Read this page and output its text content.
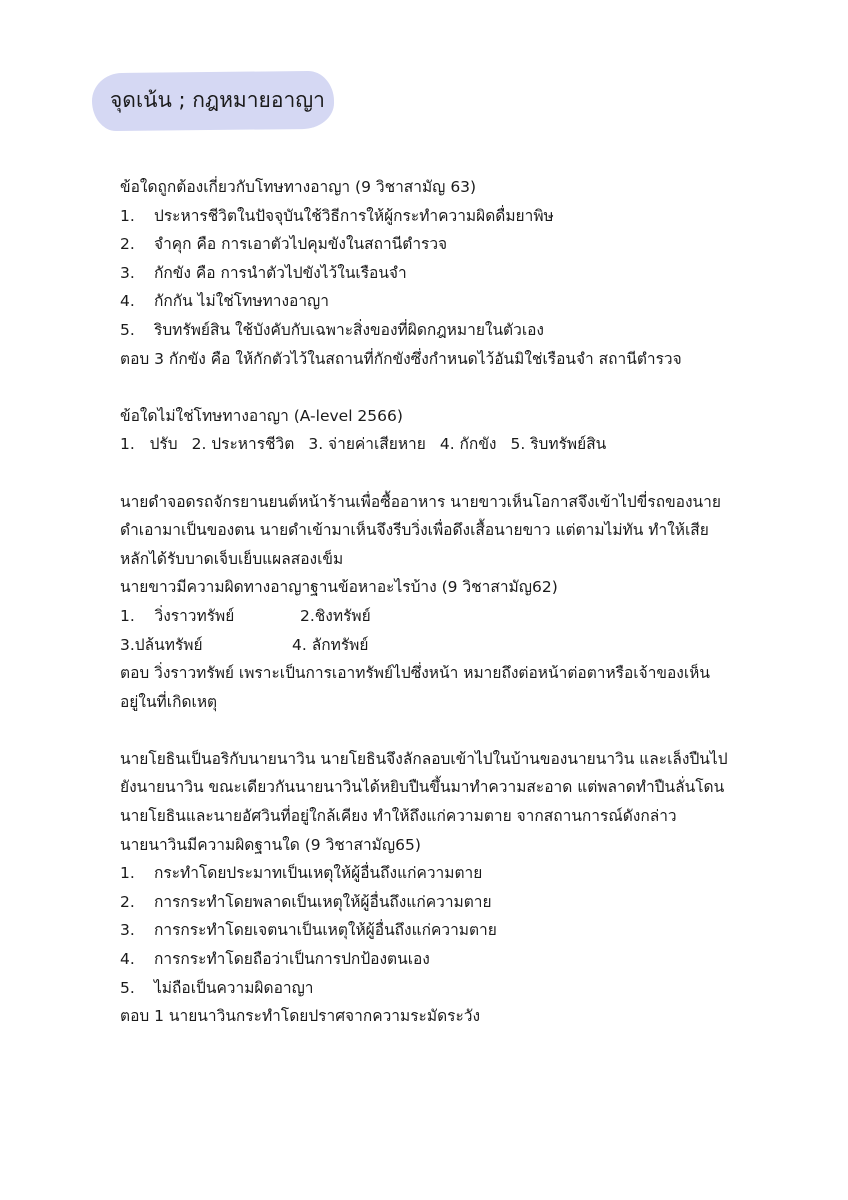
จุดเน้น ; กฎหมายอาญา
ข้อใดถูกต้องเกี่ยวกับโทษทางอาญา (9 วิชาสามัญ 63)
1.	ประหารชีวิตในปัจจุบันใช้วิธีการให้ผู้กระทำความผิดดื่มยาพิษ
2.	จำคุก คือ การเอาตัวไปคุมขังในสถานีตำรวจ
3.	กักขัง คือ การนำตัวไปขังไว้ในเรือนจำ
4.	กักกัน ไม่ใช่โทษทางอาญา
5.	ริบทรัพย์สิน ใช้บังคับกับเฉพาะสิ่งของที่ผิดกฎหมายในตัวเอง
ตอบ 3 กักขัง คือ ให้กักตัวไว้ในสถานที่กักขังซึ่งกำหนดไว้อันมิใช่เรือนจำ สถานีตำรวจ
ข้อใดไม่ใช่โทษทางอาญา (A-level 2566)
1.   ปรับ 2. ประหารชีวิต 3. จ่ายค่าเสียหาย 4. กักขัง 5. ริบทรัพย์สิน
นายดำจอดรถจักรยานยนต์หน้าร้านเพื่อซื้ออาหาร นายขาวเห็นโอกาสจึงเข้าไปขี่รถของนาย
ดำเอามาเป็นของตน นายดำเข้ามาเห็นจึงรีบวิ่งเพื่อดึงเสื้อนายขาว แต่ตามไม่ทัน ทำให้เสีย
หลักได้รับบาดเจ็บเย็บแผลสองเข็ม
นายขาวมีความผิดทางอาญาฐานข้อหาอะไรบ้าง (9 วิชาสามัญ62)
1.    วิ่งราวทรัพย์	2.ชิงทรัพย์
3.ปล้นทรัพย์	4. ลักทรัพย์
ตอบ วิ่งราวทรัพย์ เพราะเป็นการเอาทรัพย์ไปซึ่งหน้า หมายถึงต่อหน้าต่อตาหรือเจ้าของเห็น
อยู่ในที่เกิดเหตุ
นายโยธินเป็นอริกับนายนาวิน นายโยธินจึงลักลอบเข้าไปในบ้านของนายนาวิน และเล็งปืนไป
ยังนายนาวิน ขณะเดียวกันนายนาวินได้หยิบปืนขึ้นมาทำความสะอาด แต่พลาดทำปืนลั่นโดน
นายโยธินและนายอัศวินที่อยู่ใกล้เคียง ทำให้ถึงแก่ความตาย จากสถานการณ์ดังกล่าว
นายนาวินมีความผิดฐานใด (9 วิชาสามัญ65)
1.	กระทำโดยประมาทเป็นเหตุให้ผู้อื่นถึงแก่ความตาย
2.	การกระทำโดยพลาดเป็นเหตุให้ผู้อื่นถึงแก่ความตาย
3.	การกระทำโดยเจตนาเป็นเหตุให้ผู้อื่นถึงแก่ความตาย
4.	การกระทำโดยถือว่าเป็นการปกป้องตนเอง
5.	ไม่ถือเป็นความผิดอาญา
ตอบ 1 นายนาวินกระทำโดยปราศจากความระมัดระวัง
